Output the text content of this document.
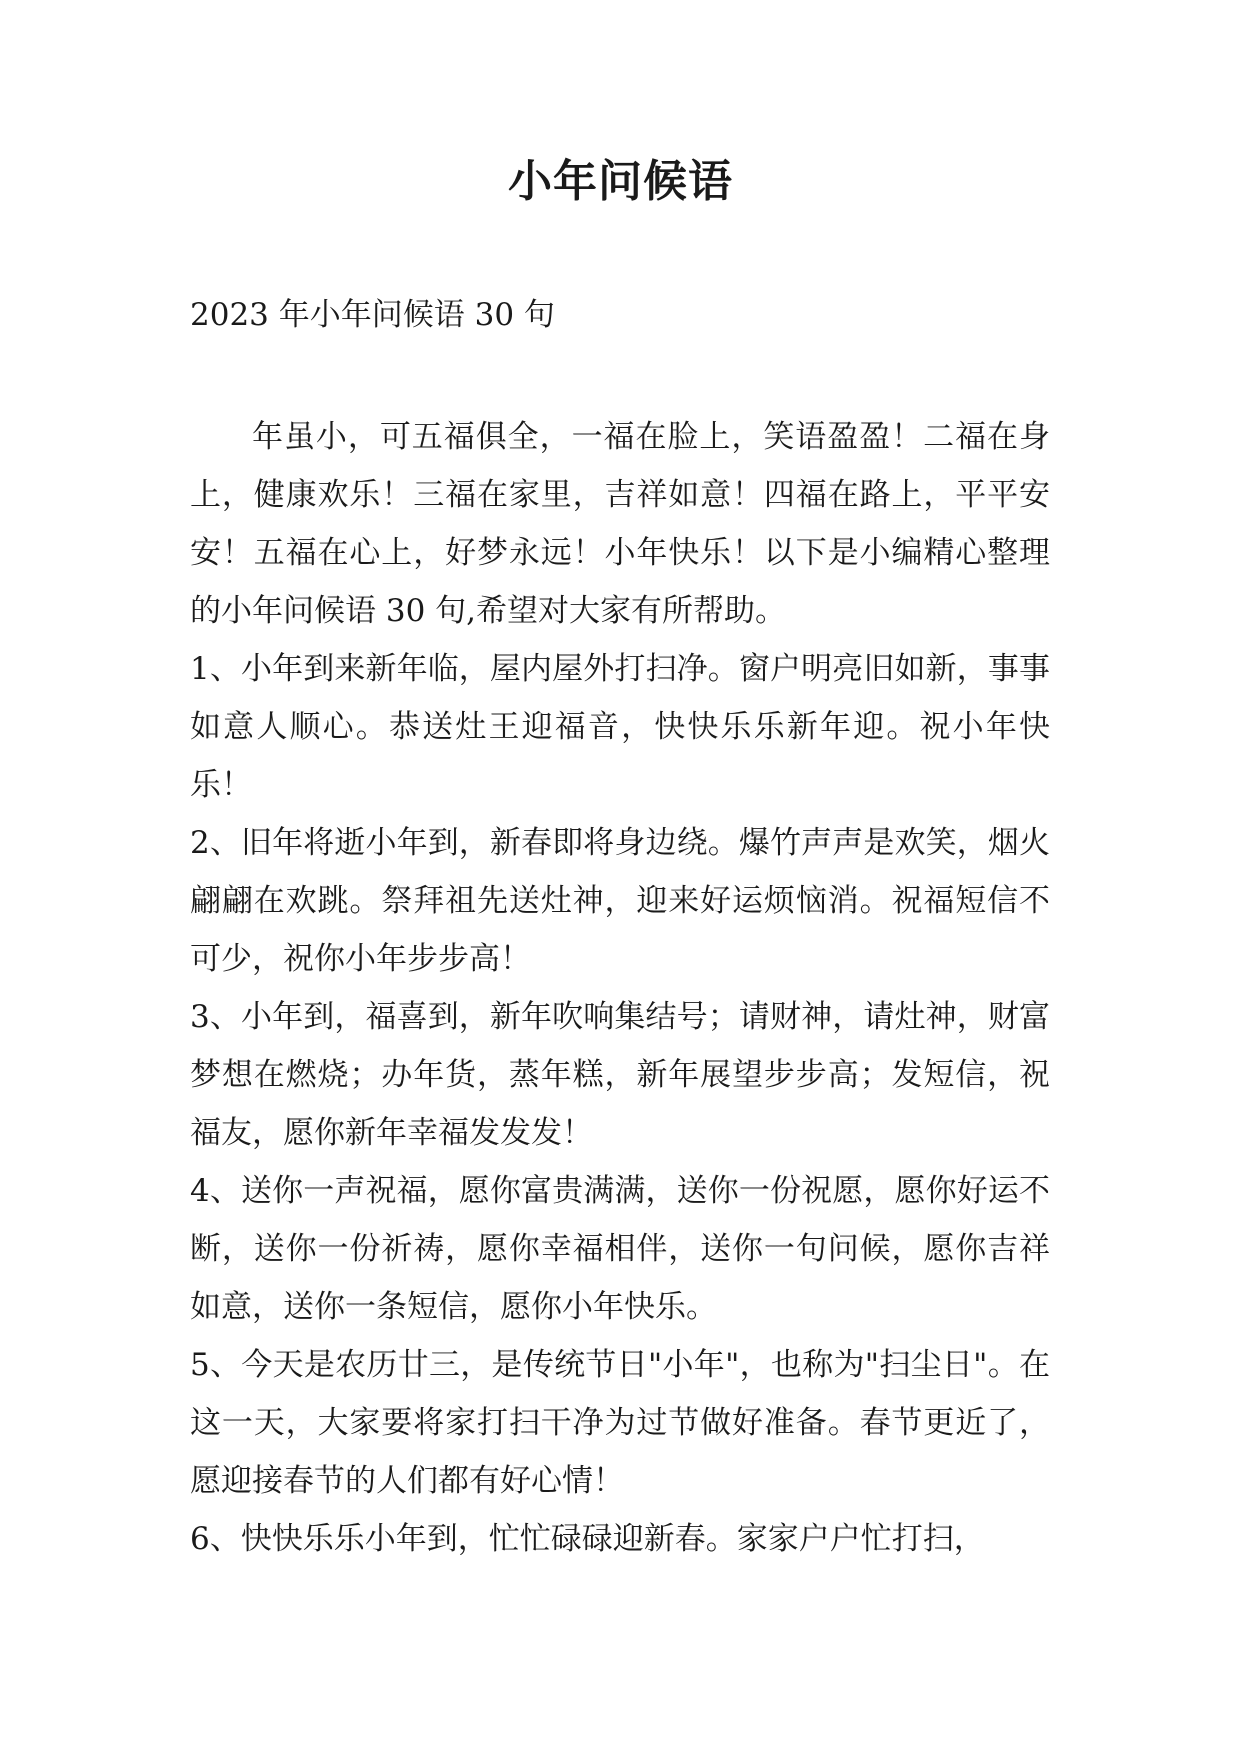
小年问候语

2023 年小年问候语 30 句

年虽小，可五福俱全，一福在脸上，笑语盈盈！二福在身上，健康欢乐！三福在家里，吉祥如意！四福在路上，平平安安！五福在心上，好梦永远！小年快乐！以下是小编精心整理的小年问候语 30 句,希望对大家有所帮助。

1、小年到来新年临，屋内屋外打扫净。窗户明亮旧如新，事事如意人顺心。恭送灶王迎福音，快快乐乐新年迎。祝小年快乐！

2、旧年将逝小年到，新春即将身边绕。爆竹声声是欢笑，烟火翩翩在欢跳。祭拜祖先送灶神，迎来好运烦恼消。祝福短信不可少，祝你小年步步高！

3、小年到，福喜到，新年吹响集结号；请财神，请灶神，财富梦想在燃烧；办年货，蒸年糕，新年展望步步高；发短信，祝福友，愿你新年幸福发发发！

4、送你一声祝福，愿你富贵满满，送你一份祝愿，愿你好运不断，送你一份祈祷，愿你幸福相伴，送你一句问候，愿你吉祥如意，送你一条短信，愿你小年快乐。

5、今天是农历廿三，是传统节日"小年"，也称为"扫尘日"。在这一天，大家要将家打扫干净为过节做好准备。春节更近了，愿迎接春节的人们都有好心情！

6、快快乐乐小年到，忙忙碌碌迎新春。家家户户忙打扫，
